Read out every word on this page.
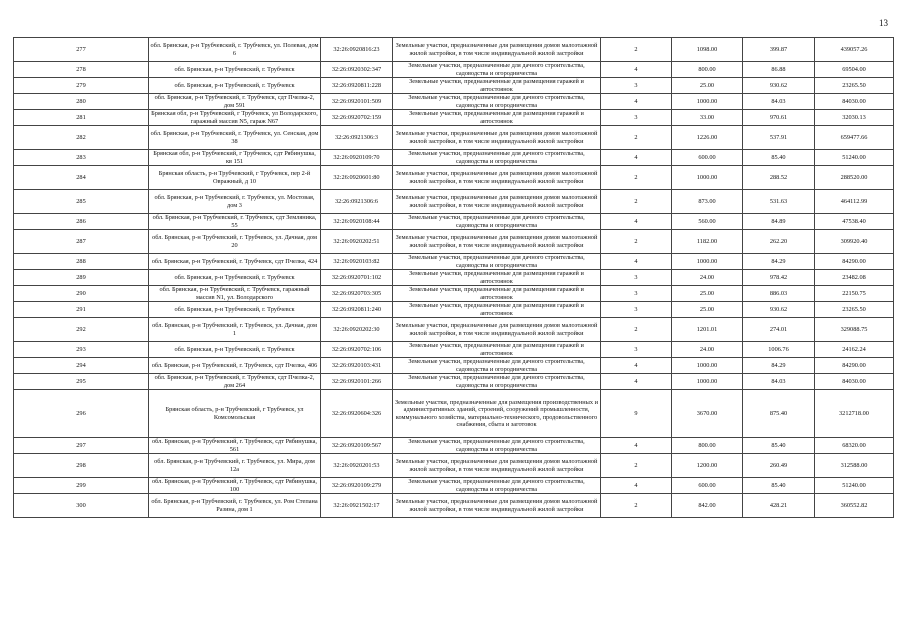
13
277	обл. Брянская, р-н Трубчевский, г. Трубчевск, ул. Полевая, дом 6	32:26:0920816:23	Земельные участки, предназначенные для размещения домов малоэтажной жилой застройки, в том числе индивидуальной жилой застройки	2	1098.00	399.87	439057.26
278	обл. Брянская, р-н Трубчевский, г. Трубчевск	32:26:0920302:347	Земельные участки, предназначенные для дачного строительства, садоводства и огородничества	4	800.00	86.88	69504.00
279	обл. Брянская, р-н Трубчевский, г. Трубчевск	32:26:0920811:228	Земельные участки, предназначенные для размещения гаражей и автостоянок	3	25.00	930.62	23265.50
280	обл. Брянская, р-н Трубчевский, г. Трубчевск, сдт Пчелка-2, дом 591	32:26:0920101:509	Земельные участки, предназначенные для дачного строительства, садоводства и огородничества	4	1000.00	84.03	84030.00
281	Брянская обл, р-н Трубчевский, г Трубчевск, ул Володарского, гаражный массив N5, гараж N67	32:26:0920702:159	Земельные участки, предназначенные для размещения гаражей и автостоянок	3	33.00	970.61	32030.13
282	обл. Брянская, р-н Трубчевский, г. Трубчевск, ул. Сенская, дом 38	32:26:0921306:3	Земельные участки, предназначенные для размещения домов малоэтажной жилой застройки, в том числе индивидуальной жилой застройки	2	1226.00	537.91	659477.66
283	Брянская обл, р-н Трубчевский, г Трубчевск, сдт Рябинушка, кв 151	32:26:0920109:70	Земельные участки, предназначенные для дачного строительства, садоводства и огородничества	4	600.00	85.40	51240.00
284	Брянская область, р-н Трубчевский, г Трубчевск, пер 2-й Овражный, д 10	32:26:0920601:80	Земельные участки, предназначенные для размещения домов малоэтажной жилой застройки, в том числе индивидуальной жилой застройки	2	1000.00	288.52	288520.00
285	обл. Брянская, р-н Трубчевский, г. Трубчевск, ул. Мостовая, дом 3	32:26:0921306:6	Земельные участки, предназначенные для размещения домов малоэтажной жилой застройки, в том числе индивидуальной жилой застройки	2	873.00	531.63	464112.99
286	обл. Брянская, р-н Трубчевский, г. Трубчевск, сдт Земляника, 55	32:26:0920108:44	Земельные участки, предназначенные для дачного строительства, садоводства и огородничества	4	560.00	84.89	47538.40
287	обл. Брянская, р-н Трубчевский, г. Трубчевск, ул. Дачная, дом 20	32:26:0920202:51	Земельные участки, предназначенные для размещения домов малоэтажной жилой застройки, в том числе индивидуальной жилой застройки	2	1182.00	262.20	309920.40
288	обл. Брянская, р-н Трубчевский, г. Трубчевск, сдт Пчелка, 424	32:26:0920103:82	Земельные участки, предназначенные для дачного строительства, садоводства и огородничества	4	1000.00	84.29	84290.00
289	обл. Брянская, р-н Трубчевский, г. Трубчевск	32:26:0920701:102	Земельные участки, предназначенные для размещения гаражей и автостоянок	3	24.00	978.42	23482.08
290	обл. Брянская, р-н Трубчевский, г. Трубчевск, гаражный массив N1, ул. Володарского	32:26:0920703:305	Земельные участки, предназначенные для размещения гаражей и автостоянок	3	25.00	886.03	22150.75
291	обл. Брянская, р-н Трубчевский, г. Трубчевск	32:26:0920811:240	Земельные участки, предназначенные для размещения гаражей и автостоянок	3	25.00	930.62	23265.50
292	обл. Брянская, р-н Трубчевский, г. Трубчевск, ул. Дачная, дом 1	32:26:0920202:30	Земельные участки, предназначенные для размещения домов малоэтажной жилой застройки, в том числе индивидуальной жилой застройки	2	1201.01	274.01	329088.75
293	обл. Брянская, р-н Трубчевский, г. Трубчевск	32:26:0920702:106	Земельные участки, предназначенные для размещения гаражей и автостоянок	3	24.00	1006.76	24162.24
294	обл. Брянская, р-н Трубчевский, г. Трубчевск, сдт Пчелка, 406	32:26:0920103:431	Земельные участки, предназначенные для дачного строительства, садоводства и огородничества	4	1000.00	84.29	84290.00
295	обл. Брянская, р-н Трубчевский, г. Трубчевск, сдт Пчелка-2, дом 264	32:26:0920101:266	Земельные участки, предназначенные для дачного строительства, садоводства и огородничества	4	1000.00	84.03	84030.00
296	Брянская область, р-н Трубчевский, г Трубчевск, ул Комсомольская	32:26:0920604:326	Земельные участки, предназначенные для размещения производственных и административных зданий, строений, сооружений промышленности, коммунального хозяйства, материально-технического, продовольственного снабжения, сбыта и заготовок	9	3670.00	875.40	3212718.00
297	обл. Брянская, р-н Трубчевский, г. Трубчевск, сдт Рябинушка, 561	32:26:0920109:567	Земельные участки, предназначенные для дачного строительства, садоводства и огородничества	4	800.00	85.40	68320.00
298	обл. Брянская, р-н Трубчевский, г. Трубчевск, ул. Мира, дом 12а	32:26:0920201:53	Земельные участки, предназначенные для размещения домов малоэтажной жилой застройки, в том числе индивидуальной жилой застройки	2	1200.00	260.49	312588.00
299	обл. Брянская, р-н Трубчевский, г. Трубчевск, сдт Рябинушка, 100	32:26:0920109:279	Земельные участки, предназначенные для дачного строительства, садоводства и огородничества	4	600.00	85.40	51240.00
300	обл. Брянская, р-н Трубчевский, г. Трубчевск, ул. Ром Степана Разина, дом 1	32:26:0921502:17	Земельные участки, предназначенные для размещения домов малоэтажной жилой застройки, в том числе индивидуальной жилой застройки	2	842.00	428.21	360552.82
